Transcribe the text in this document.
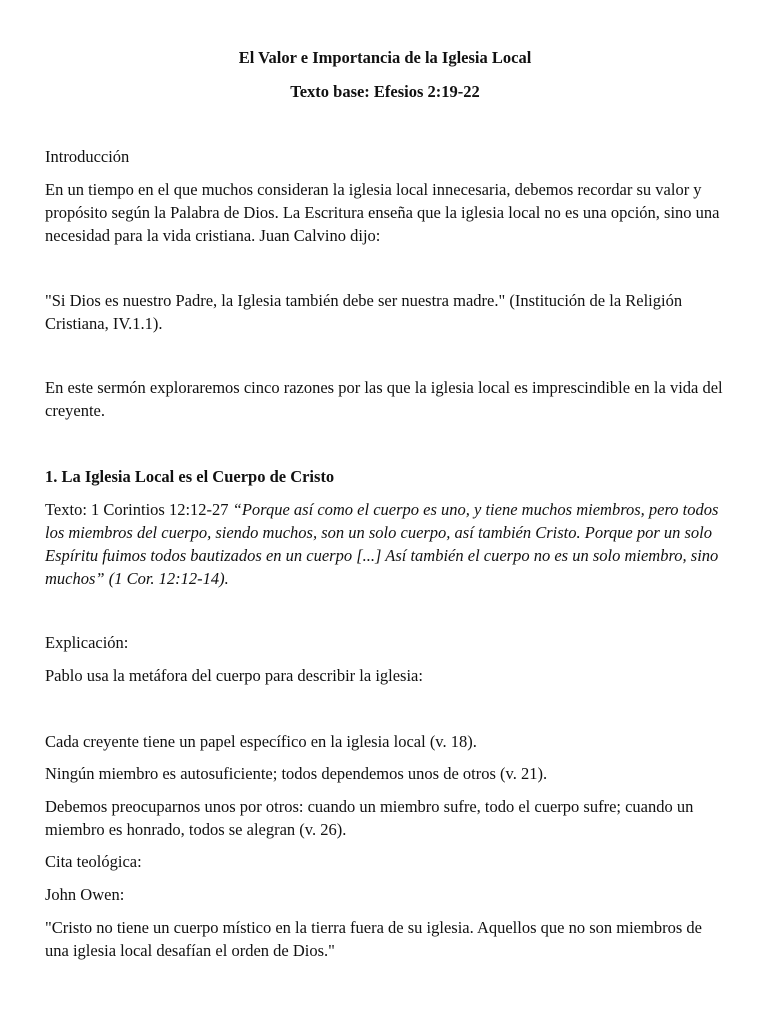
El Valor e Importancia de la Iglesia Local

Texto base: Efesios 2:19-22

Introducción

En un tiempo en el que muchos consideran la iglesia local innecesaria, debemos recordar su valor y propósito según la Palabra de Dios. La Escritura enseña que la iglesia local no es una opción, sino una necesidad para la vida cristiana. Juan Calvino dijo:

"Si Dios es nuestro Padre, la Iglesia también debe ser nuestra madre." (Institución de la Religión Cristiana, IV.1.1).

En este sermón exploraremos cinco razones por las que la iglesia local es imprescindible en la vida del creyente.

1. La Iglesia Local es el Cuerpo de Cristo

Texto: 1 Corintios 12:12-27 “Porque así como el cuerpo es uno, y tiene muchos miembros, pero todos los miembros del cuerpo, siendo muchos, son un solo cuerpo, así también Cristo. Porque por un solo Espíritu fuimos todos bautizados en un cuerpo [...] Así también el cuerpo no es un solo miembro, sino muchos” (1 Cor. 12:12-14).

Explicación:

Pablo usa la metáfora del cuerpo para describir la iglesia:

Cada creyente tiene un papel específico en la iglesia local (v. 18).

Ningún miembro es autosuficiente; todos dependemos unos de otros (v. 21).

Debemos preocuparnos unos por otros: cuando un miembro sufre, todo el cuerpo sufre; cuando un miembro es honrado, todos se alegran (v. 26).

Cita teológica:

John Owen:

"Cristo no tiene un cuerpo místico en la tierra fuera de su iglesia. Aquellos que no son miembros de una iglesia local desafían el orden de Dios."
